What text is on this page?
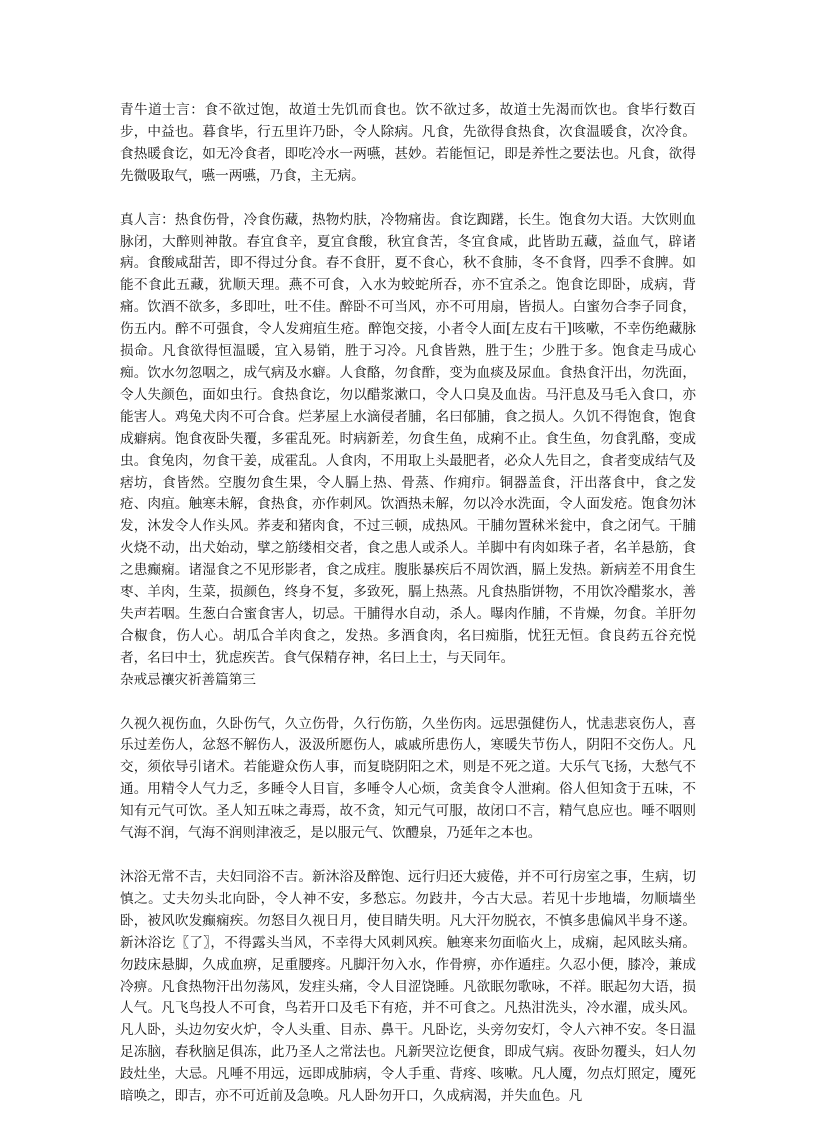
青牛道士言：食不欲过饱，故道士先饥而食也。饮不欲过多，故道士先渴而饮也。食毕行数百步，中益也。暮食毕，行五里许乃卧，令人除病。凡食，先欲得食热食，次食温暖食，次冷食。食热暖食讫，如无冷食者，即吃冷水一两嚥，甚妙。若能恒记，即是养性之要法也。凡食，欲得先微吸取气，嚥一两嚥，乃食，主无病。

真人言：热食伤骨，冷食伤藏，热物灼肤，冷物痛齿。食讫踟躇，长生。饱食勿大语。大饮则血脉闭，大醉则神散。春宜食辛，夏宜食酸，秋宜食苦，冬宜食咸，此皆助五藏，益血气，辟诸病。食酸咸甜苦，即不得过分食。春不食肝，夏不食心，秋不食肺，冬不食肾，四季不食脾。如能不食此五藏，犹顺天理。燕不可食，入水为蛟蛇所吞，亦不宜杀之。饱食讫即卧，成病，背痛。饮酒不欲多，多即吐，吐不佳。醉卧不可当风，亦不可用扇，皆损人。白蜜勿合李子同食，伤五内。醉不可强食，令人发痈疽生疮。醉饱交接，小者令人面[左皮右干]咳嗽，不幸伤绝藏脉损命。凡食欲得恒温暖，宜入易销，胜于习冷。凡食皆熟，胜于生；少胜于多。饱食走马成心痴。饮水勿忽咽之，成气病及水癖。人食酪，勿食酢，变为血痰及尿血。食热食汗出，勿洗面，令人失颜色，面如虫行。食热食讫，勿以醋浆漱口，令人口臭及血齿。马汗息及马毛入食口，亦能害人。鸡兔犬肉不可合食。烂茅屋上水滴侵者脯，名曰郁脯，食之损人。久饥不得饱食，饱食成癖病。饱食夜卧失覆，多霍乱死。时病新差，勿食生鱼，成痢不止。食生鱼，勿食乳酪，变成虫。食兔肉，勿食干姜，成霍乱。人食肉，不用取上头最肥者，必众人先目之，食者变成结气及痞坊，食皆然。空腹勿食生果，令人膈上热、骨蒸、作痈疖。铜器盖食，汗出落食中，食之发疮、肉疽。触寒未解，食热食，亦作刺风。饮酒热未解，勿以冷水洗面，令人面发疮。饱食勿沐发，沐发令人作头风。荞麦和猪肉食，不过三顿，成热风。干脯勿置秫米瓮中，食之闭气。干脯火烧不动，出犬始动，擘之筋缕相交者，食之患人或杀人。羊脚中有肉如珠子者，名羊悬筋，食之患癫痫。诸湿食之不见形影者，食之成疰。腹胀暴疾后不周饮酒，膈上发热。新病差不用食生枣、羊肉，生菜，损颜色，终身不复，多致死，膈上热蒸。凡食热脂饼物，不用饮冷醋浆水，善失声若咽。生葱白合蜜食害人，切忌。干脯得水自动，杀人。曝肉作脯，不肯燥，勿食。羊肝勿合椒食，伤人心。胡瓜合羊肉食之，发热。多酒食肉，名曰痴脂，忧狂无恒。食良药五谷充悦者，名曰中士，犹虑疾苦。食气保精存神，名曰上士，与天同年。

杂戒忌禳灾祈善篇第三

久视久视伤血，久卧伤气，久立伤骨，久行伤筋，久坐伤肉。远思强健伤人，忧恚悲哀伤人，喜乐过差伤人，忿怒不解伤人，汲汲所愿伤人，戚戚所患伤人，寒暖失节伤人，阴阳不交伤人。凡交，须依导引诸术。若能避众伤人事，而复晓阴阳之术，则是不死之道。大乐气飞扬，大愁气不通。用精令人气力乏，多睡令人目盲，多唾令人心烦，贪美食令人泄痢。俗人但知贪于五味，不知有元气可饮。圣人知五味之毒焉，故不贪，知元气可服，故闭口不言，精气息应也。唾不咽则气海不润，气海不润则津液乏，是以服元气、饮醴泉，乃延年之本也。

沐浴无常不吉，夫妇同浴不吉。新沐浴及醉饱、远行归还大疲倦，并不可行房室之事，生病，切慎之。丈夫勿头北向卧，令人神不安，多愁忘。勿跂井，今古大忌。若见十步地墙，勿顺墙坐卧，被风吹发癫痫疾。勿怒目久视日月，使目睛失明。凡大汗勿脱衣，不慎多患偏风半身不遂。新沐浴讫〖了〗，不得露头当风，不幸得大风刺风疾。触寒来勿面临火上，成痫，起风眩头痛。勿跂床悬脚，久成血痹，足重腰疼。凡脚汗勿入水，作骨痹，亦作遁疰。久忍小便，膝冷，兼成冷痹。凡食热物汗出勿荡风，发疰头痛，令人目涩饶睡。凡欲眠勿歌咏，不祥。眠起勿大语，损人气。凡飞鸟投人不可食，鸟若开口及毛下有疮，并不可食之。凡热泔洗头，冷水濯，成头风。凡人卧，头边勿安火炉，令人头重、目赤、鼻干。凡卧讫，头旁勿安灯，令人六神不安。冬日温足冻脑，春秋脑足俱冻，此乃圣人之常法也。凡新哭泣讫便食，即成气病。夜卧勿覆头，妇人勿跂灶坐，大忌。凡唾不用远，远即成肺病，令人手重、背疼、咳嗽。凡人魇，勿点灯照定，魇死暗唤之，即吉，亦不可近前及急唤。凡人卧勿开口，久成病渴，并失血色。凡
